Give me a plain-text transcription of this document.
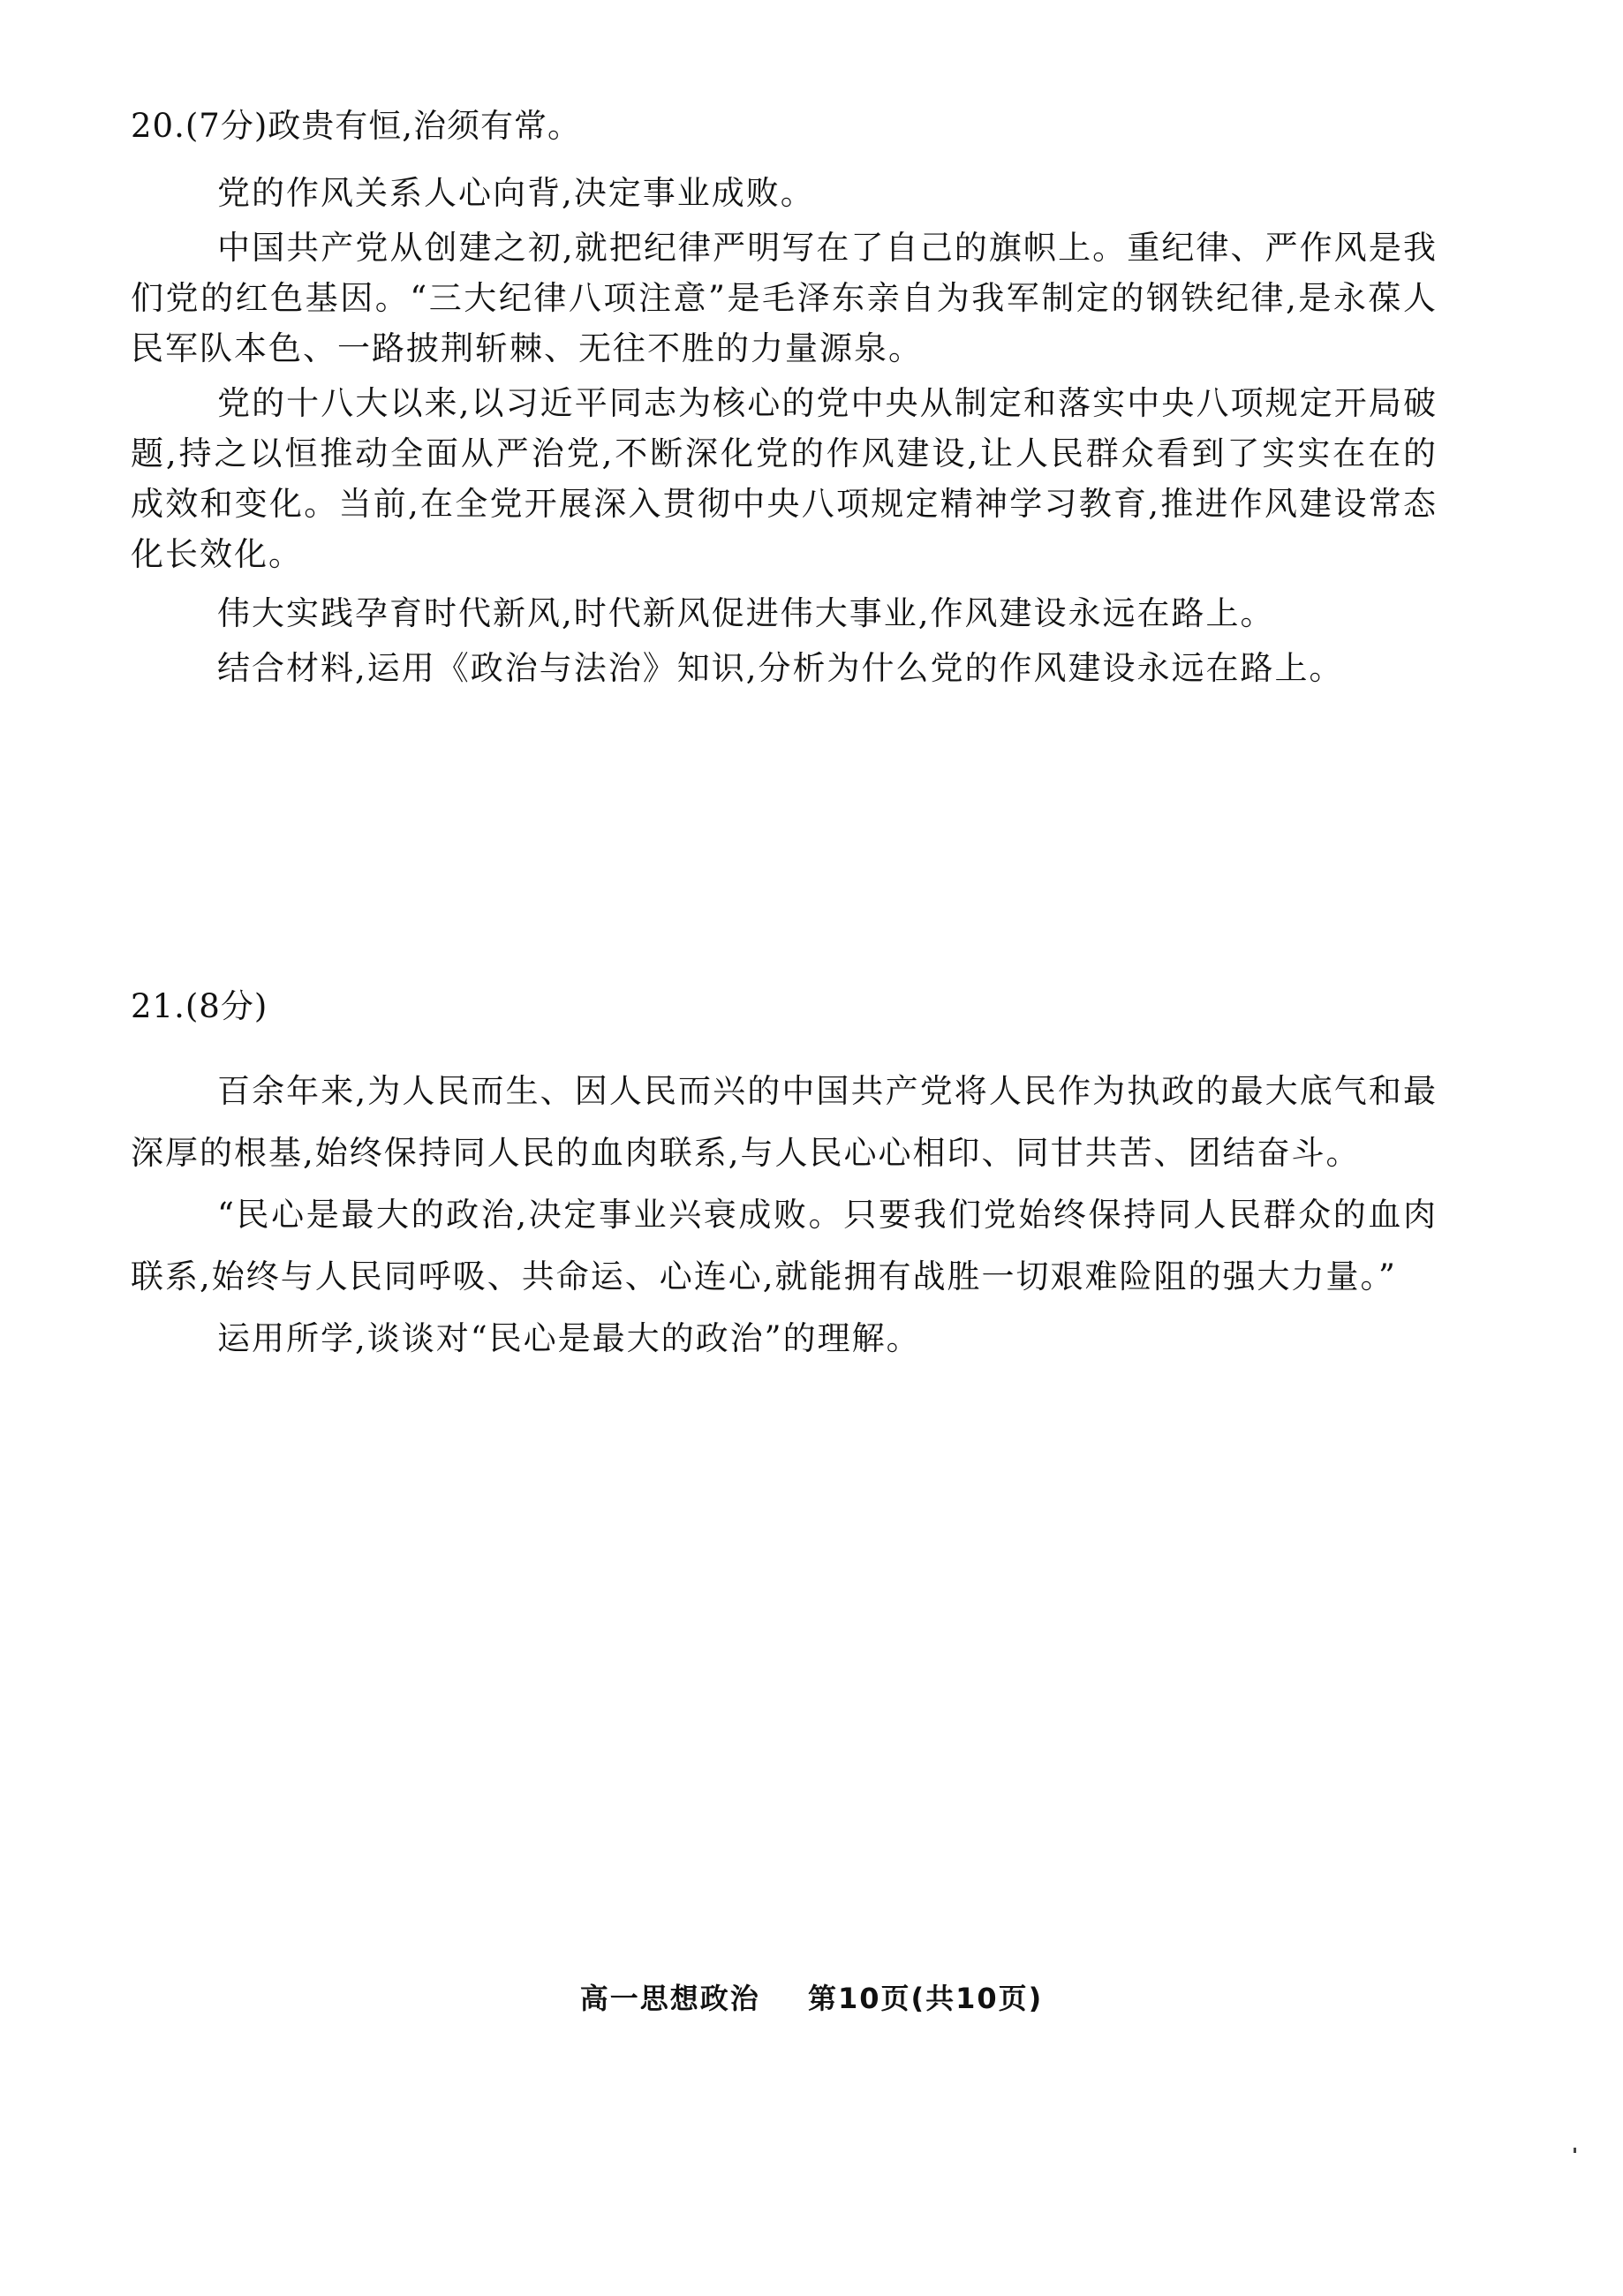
20.(7分)政贵有恒,治须有常。

党的作风关系人心向背,决定事业成败。

中国共产党从创建之初,就把纪律严明写在了自己的旗帜上。重纪律、严作风是我们党的红色基因。“三大纪律八项注意”是毛泽东亲自为我军制定的钢铁纪律,是永葆人民军队本色、一路披荆斩棘、无往不胜的力量源泉。

党的十八大以来,以习近平同志为核心的党中央从制定和落实中央八项规定开局破题,持之以恒推动全面从严治党,不断深化党的作风建设,让人民群众看到了实实在在的成效和变化。当前,在全党开展深入贯彻中央八项规定精神学习教育,推进作风建设常态化长效化。

伟大实践孕育时代新风,时代新风促进伟大事业,作风建设永远在路上。

结合材料,运用《政治与法治》知识,分析为什么党的作风建设永远在路上。

21.(8分)

百余年来,为人民而生、因人民而兴的中国共产党将人民作为执政的最大底气和最深厚的根基,始终保持同人民的血肉联系,与人民心心相印、同甘共苦、团结奋斗。

“民心是最大的政治,决定事业兴衰成败。只要我们党始终保持同人民群众的血肉联系,始终与人民同呼吸、共命运、心连心,就能拥有战胜一切艰难险阻的强大力量。”

运用所学,谈谈对“民心是最大的政治”的理解。

高一思想政治 第10页(共10页)
